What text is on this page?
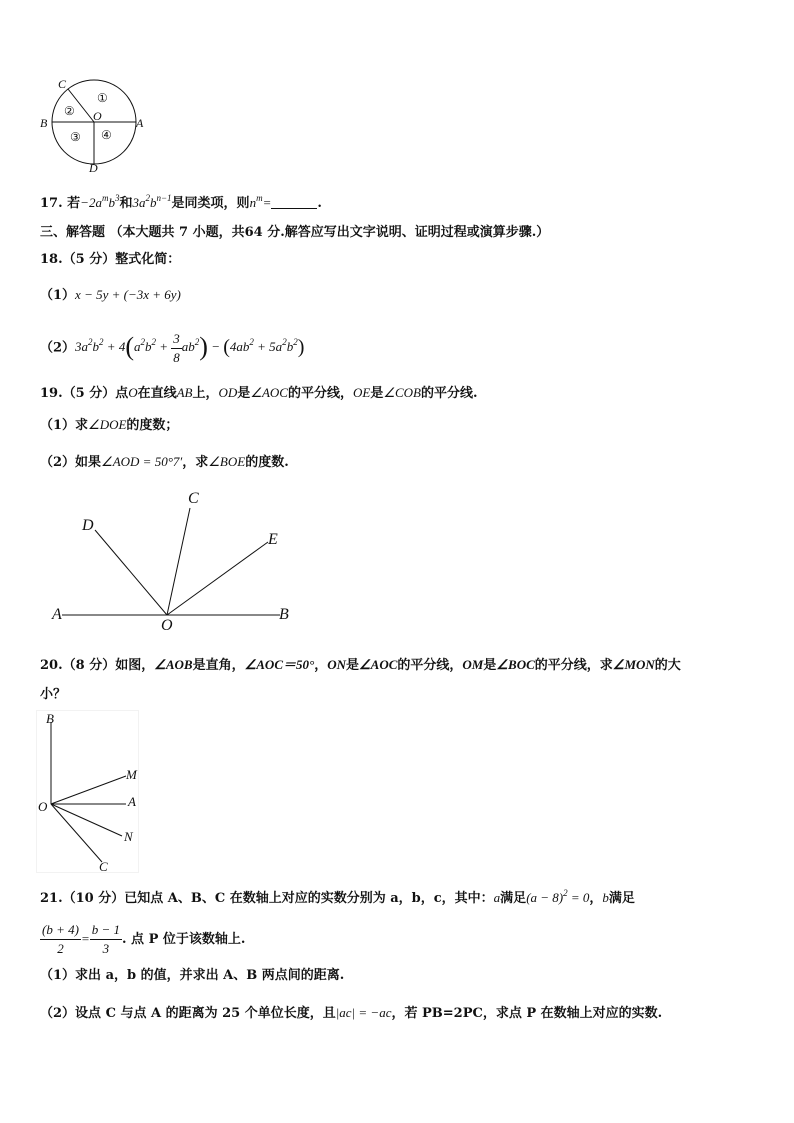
C
B	A
D
O
①
②
③ ④
17. 若$-2a^mb^3$和$3a^2b^{n-1}$是同类项，则$n^m=$	.
三、解答题 （本大题共 7 小题，共64 分.解答应写出文字说明、证明过程或演算步骤.）
18.（5 分）整式化简：
（1）x − 5y + (−3x + 6y)
$(2)3a^2b^2 + 4(a^2b^2 + \frac{3}{8} ab^2) - (4ab^2 + 5a^2b^2)$
19.（5 分）点O在直线AB上，OD是∠AOC的平分线，OE是∠COB的平分线.
（1）求∠DOE的度数；
（2）如果∠AOD = 50°7′，求∠BOE的度数.
A	B
C
D
E
O
20.（8 分）如图，∠AOB是直角，∠AOC＝50°，ON是∠AOC的平分线，OM是∠BOC的平分线，求∠MON的大
小？
B
M
O	A
N
C
21.（10 分）已知点 A、B、C 在数轴上对应的实数分别为 a，b，c，其中：a满足$(a - 8)^2 = 0$，b满足
$\frac{(b + 4)}{2} = \frac{b - 1}{3}$ . 点 P 位于该数轴上.
（1）求出 a，b 的值，并求出 A、B 两点间的距离.
（2）设点 C 与点 A 的距离为 25 个单位长度，且|ac| = −ac，若 PB=2PC，求点 P 在数轴上对应的实数.
